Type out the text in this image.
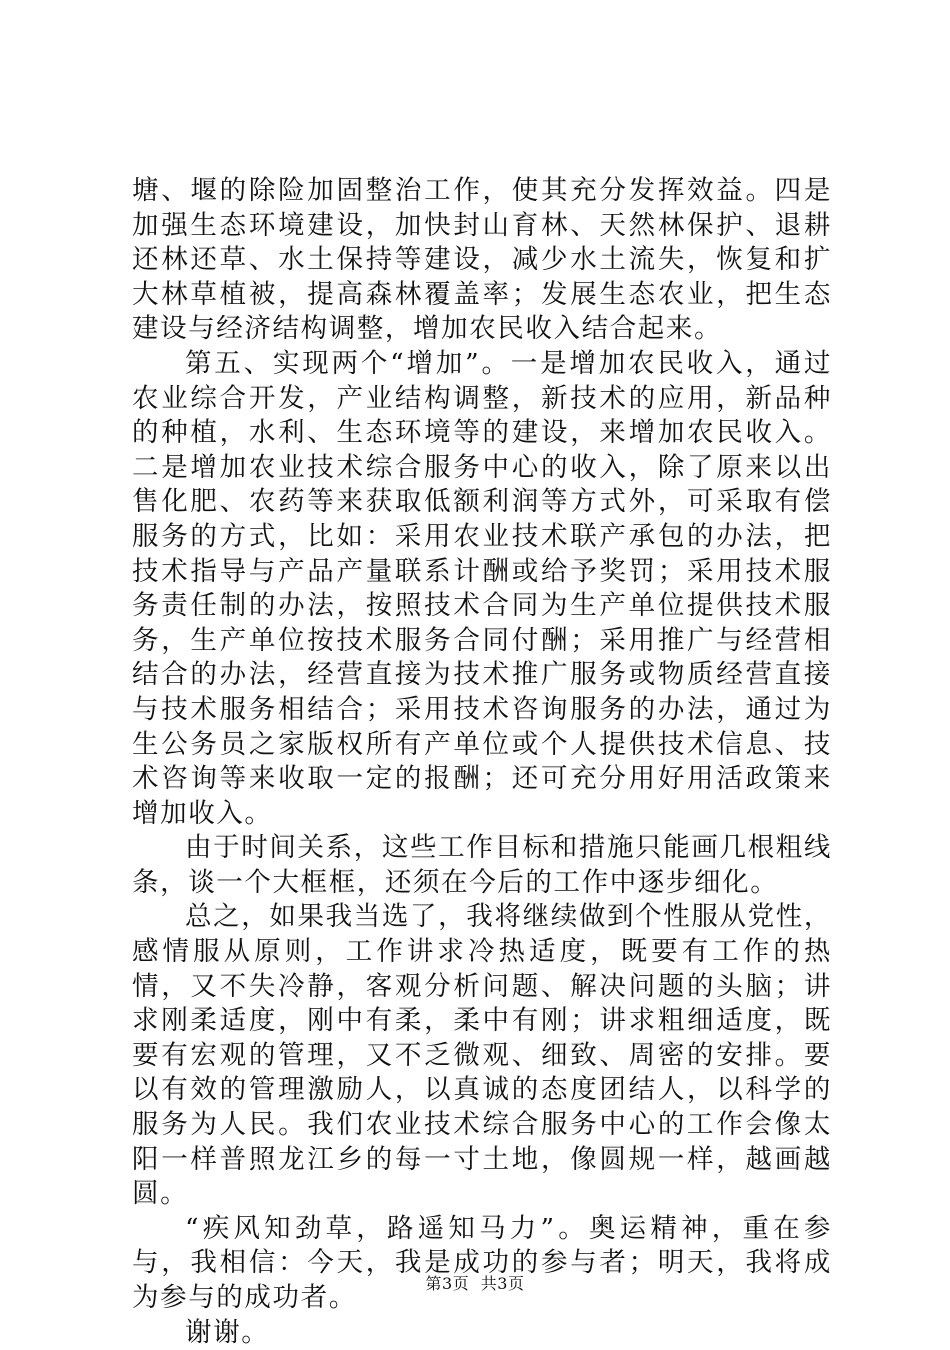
塘、堰的除险加固整治工作，使其充分发挥效益。四是加强生态环境建设，加快封山育林、天然林保护、退耕还林还草、水土保持等建设，减少水土流失，恢复和扩大林草植被，提高森林覆盖率；发展生态农业，把生态建设与经济结构调整，增加农民收入结合起来。

第五、实现两个“增加”。一是增加农民收入，通过农业综合开发，产业结构调整，新技术的应用，新品种的种植，水利、生态环境等的建设，来增加农民收入。二是增加农业技术综合服务中心的收入，除了原来以出售化肥、农药等来获取低额利润等方式外，可采取有偿服务的方式，比如：采用农业技术联产承包的办法，把技术指导与产品产量联系计酬或给予奖罚；采用技术服务责任制的办法，按照技术合同为生产单位提供技术服务，生产单位按技术服务合同付酬；采用推广与经营相结合的办法，经营直接为技术推广服务或物质经营直接与技术服务相结合；采用技术咨询服务的办法，通过为生公务员之家版权所有产单位或个人提供技术信息、技术咨询等来收取一定的报酬；还可充分用好用活政策来增加收入。

由于时间关系，这些工作目标和措施只能画几根粗线条，谈一个大框框，还须在今后的工作中逐步细化。

总之，如果我当选了，我将继续做到个性服从党性，感情服从原则，工作讲求冷热适度，既要有工作的热情，又不失冷静，客观分析问题、解决问题的头脑；讲求刚柔适度，刚中有柔，柔中有刚；讲求粗细适度，既要有宏观的管理，又不乏微观、细致、周密的安排。要以有效的管理激励人，以真诚的态度团结人，以科学的服务为人民。我们农业技术综合服务中心的工作会像太阳一样普照龙江乡的每一寸土地，像圆规一样，越画越圆。

“疾风知劲草，路遥知马力”。奥运精神，重在参与，我相信：今天，我是成功的参与者；明天，我将成为参与的成功者。

谢谢。

第3页 共3页
